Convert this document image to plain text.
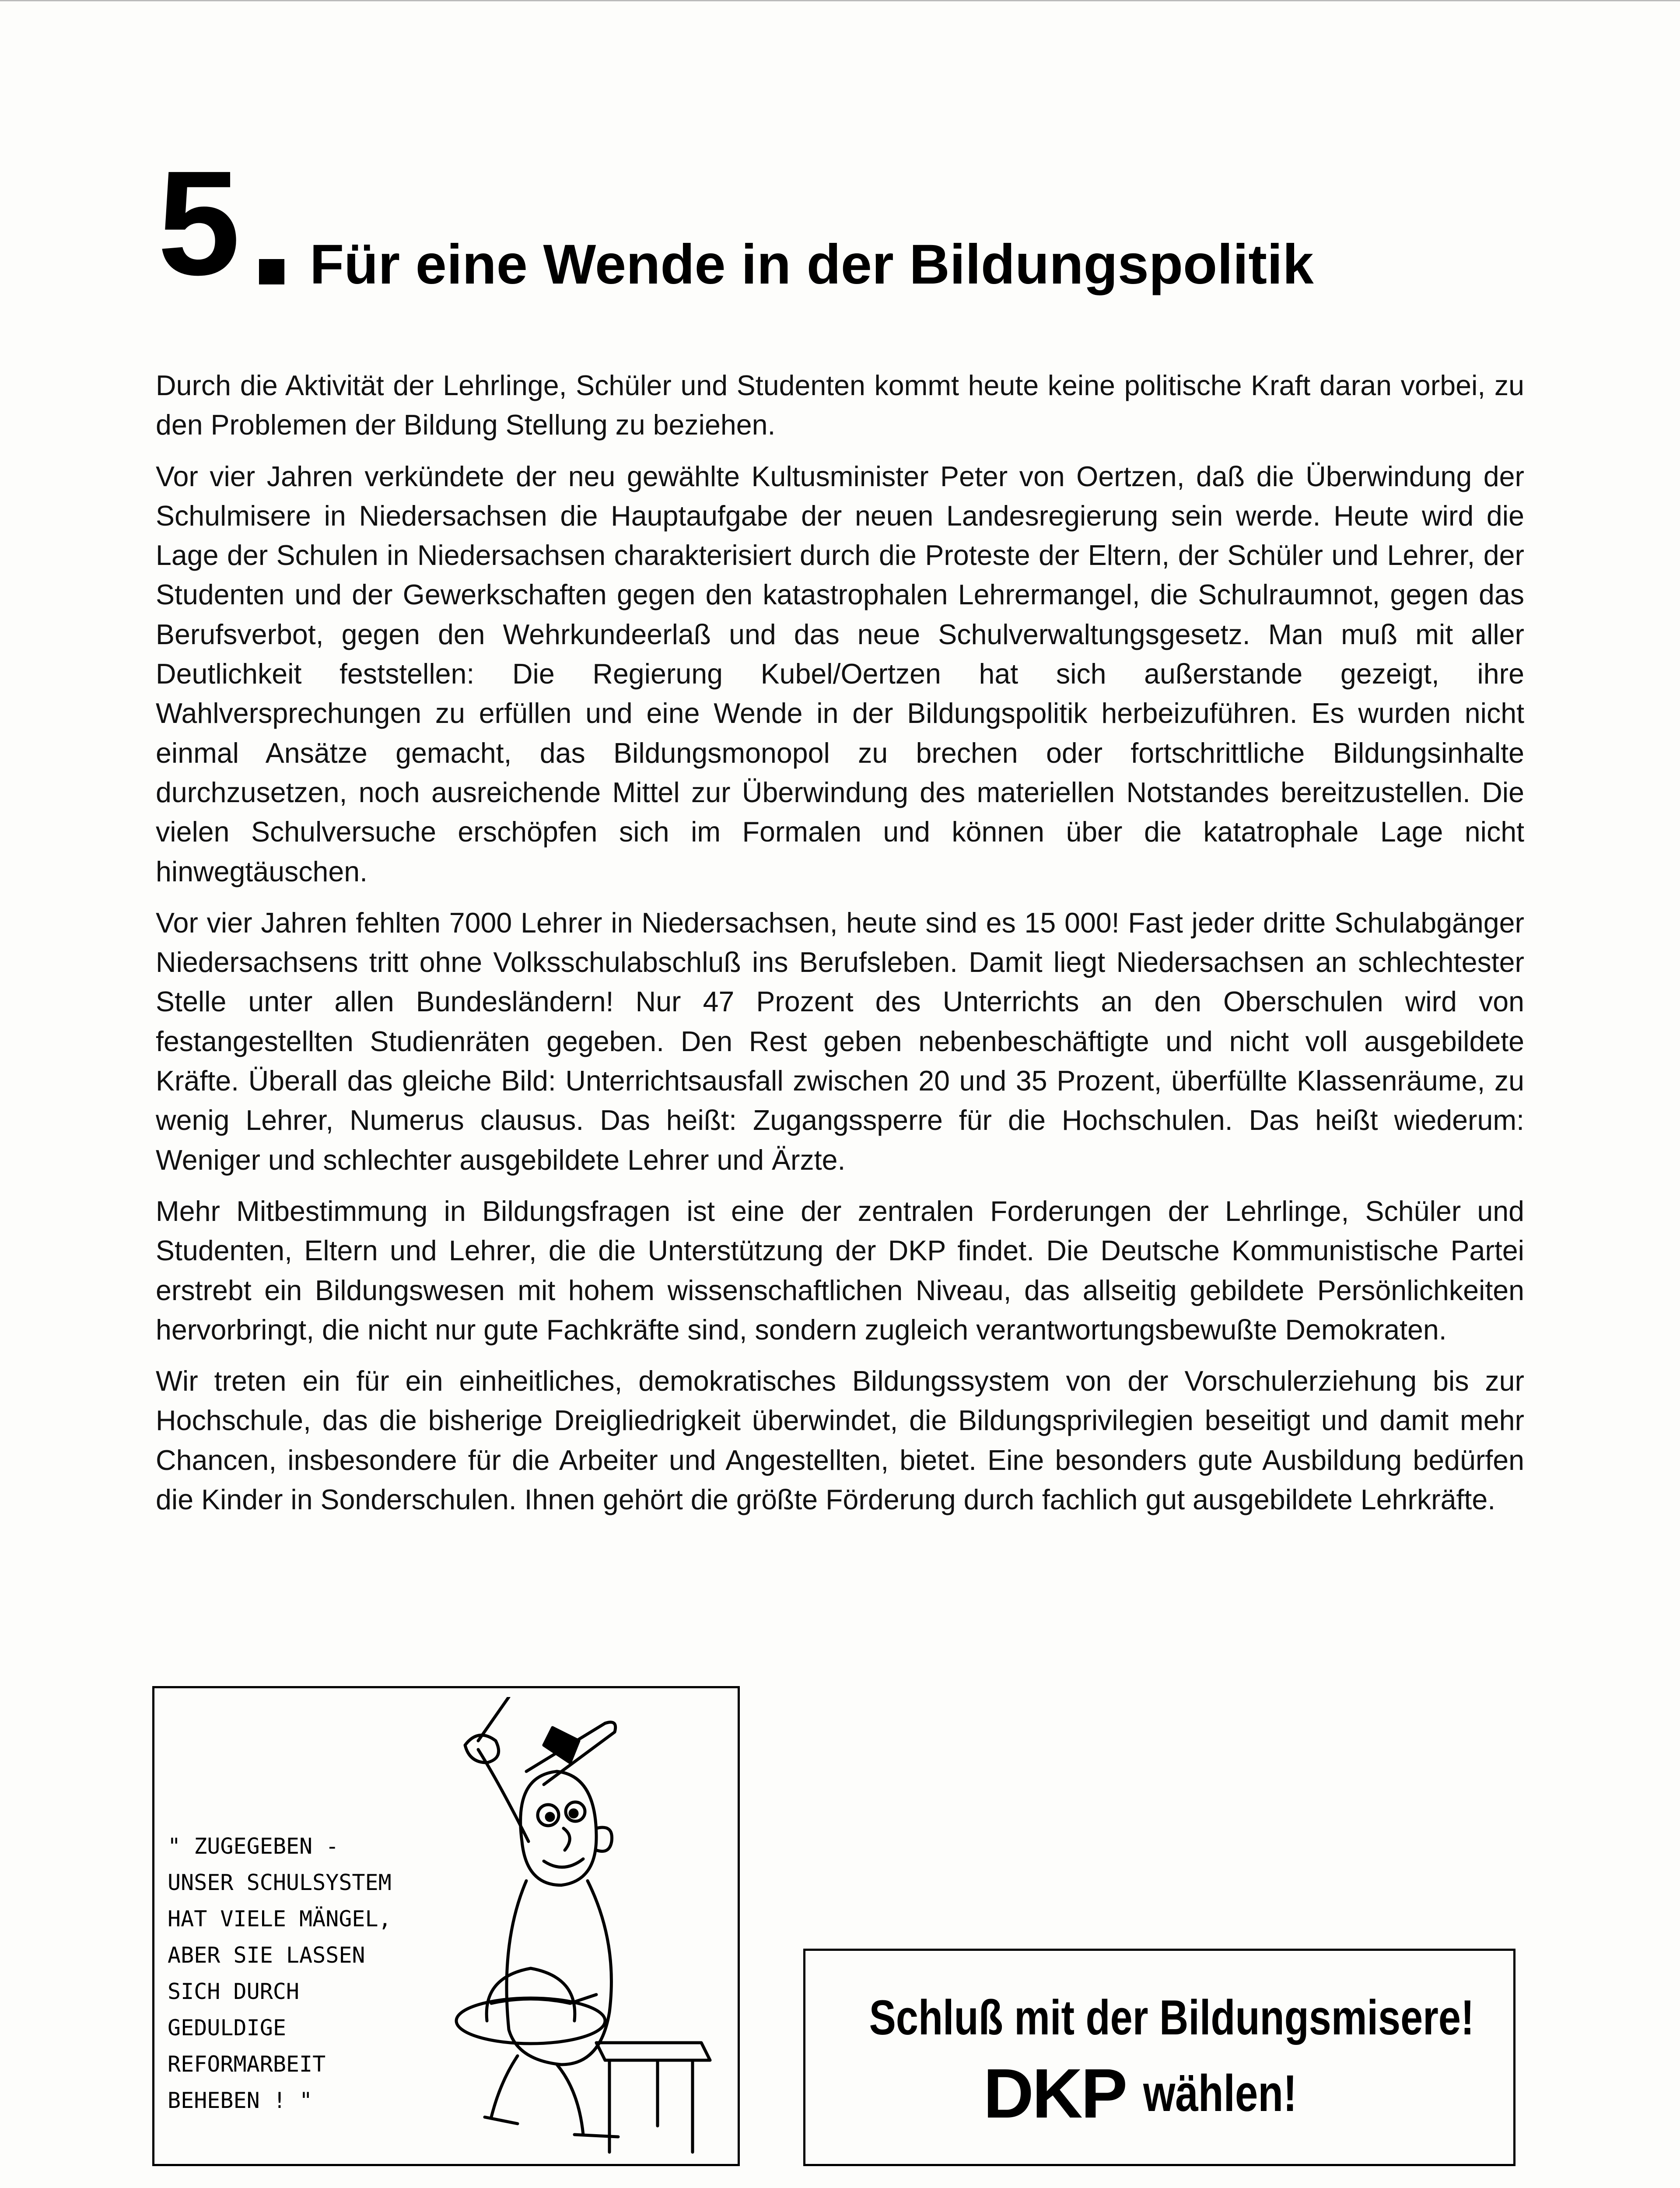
5 Für eine Wende in der Bildungspolitik

Durch die Aktivität der Lehrlinge, Schüler und Studenten kommt heute keine politische Kraft daran vorbei, zu den Problemen der Bildung Stellung zu beziehen.

Vor vier Jahren verkündete der neu gewählte Kultusminister Peter von Oertzen, daß die Überwindung der Schulmisere in Niedersachsen die Hauptaufgabe der neuen Landesregierung sein werde. Heute wird die Lage der Schulen in Niedersachsen charakterisiert durch die Proteste der Eltern, der Schüler und Lehrer, der Studenten und der Gewerkschaften gegen den katastrophalen Lehrermangel, die Schulraumnot, gegen das Berufsverbot, gegen den Wehrkundeerlaß und das neue Schulverwaltungsgesetz. Man muß mit aller Deutlichkeit feststellen: Die Regierung Kubel/Oertzen hat sich außerstande gezeigt, ihre Wahlversprechungen zu erfüllen und eine Wende in der Bildungspolitik herbeizuführen. Es wurden nicht einmal Ansätze gemacht, das Bildungsmonopol zu brechen oder fortschrittliche Bildungsinhalte durchzusetzen, noch ausreichende Mittel zur Überwindung des materiellen Notstandes bereitzustellen. Die vielen Schulversuche erschöpfen sich im Formalen und können über die katatrophale Lage nicht hinwegtäuschen.

Vor vier Jahren fehlten 7000 Lehrer in Niedersachsen, heute sind es 15 000! Fast jeder dritte Schulabgänger Niedersachsens tritt ohne Volksschulabschluß ins Berufsleben. Damit liegt Niedersachsen an schlechtester Stelle unter allen Bundesländern! Nur 47 Prozent des Unterrichts an den Oberschulen wird von festangestellten Studienräten gegeben. Den Rest geben nebenbeschäftigte und nicht voll ausgebildete Kräfte. Überall das gleiche Bild: Unterrichtsausfall zwischen 20 und 35 Prozent, überfüllte Klassenräume, zu wenig Lehrer, Numerus clausus. Das heißt: Zugangssperre für die Hochschulen. Das heißt wiederum: Weniger und schlechter ausgebildete Lehrer und Ärzte.

Mehr Mitbestimmung in Bildungsfragen ist eine der zentralen Forderungen der Lehrlinge, Schüler und Studenten, Eltern und Lehrer, die die Unterstützung der DKP findet. Die Deutsche Kommunistische Partei erstrebt ein Bildungswesen mit hohem wissenschaftlichen Niveau, das allseitig gebildete Persönlichkeiten hervorbringt, die nicht nur gute Fachkräfte sind, sondern zugleich verantwortungsbewußte Demokraten.

Wir treten ein für ein einheitliches, demokratisches Bildungssystem von der Vorschulerziehung bis zur Hochschule, das die bisherige Dreigliedrigkeit überwindet, die Bildungsprivilegien beseitigt und damit mehr Chancen, insbesondere für die Arbeiter und Angestellten, bietet. Eine besonders gute Ausbildung bedürfen die Kinder in Sonderschulen. Ihnen gehört die größte Förderung durch fachlich gut ausgebildete Lehrkräfte.

" ZUGEGEBEN -
UNSER SCHULSYSTEM
HAT VIELE MÄNGEL,
ABER SIE LASSEN
SICH DURCH
GEDULDIGE
REFORMARBEIT
BEHEBEN ! "
Schluß mit der Bildungsmisere!
DKP wählen!
